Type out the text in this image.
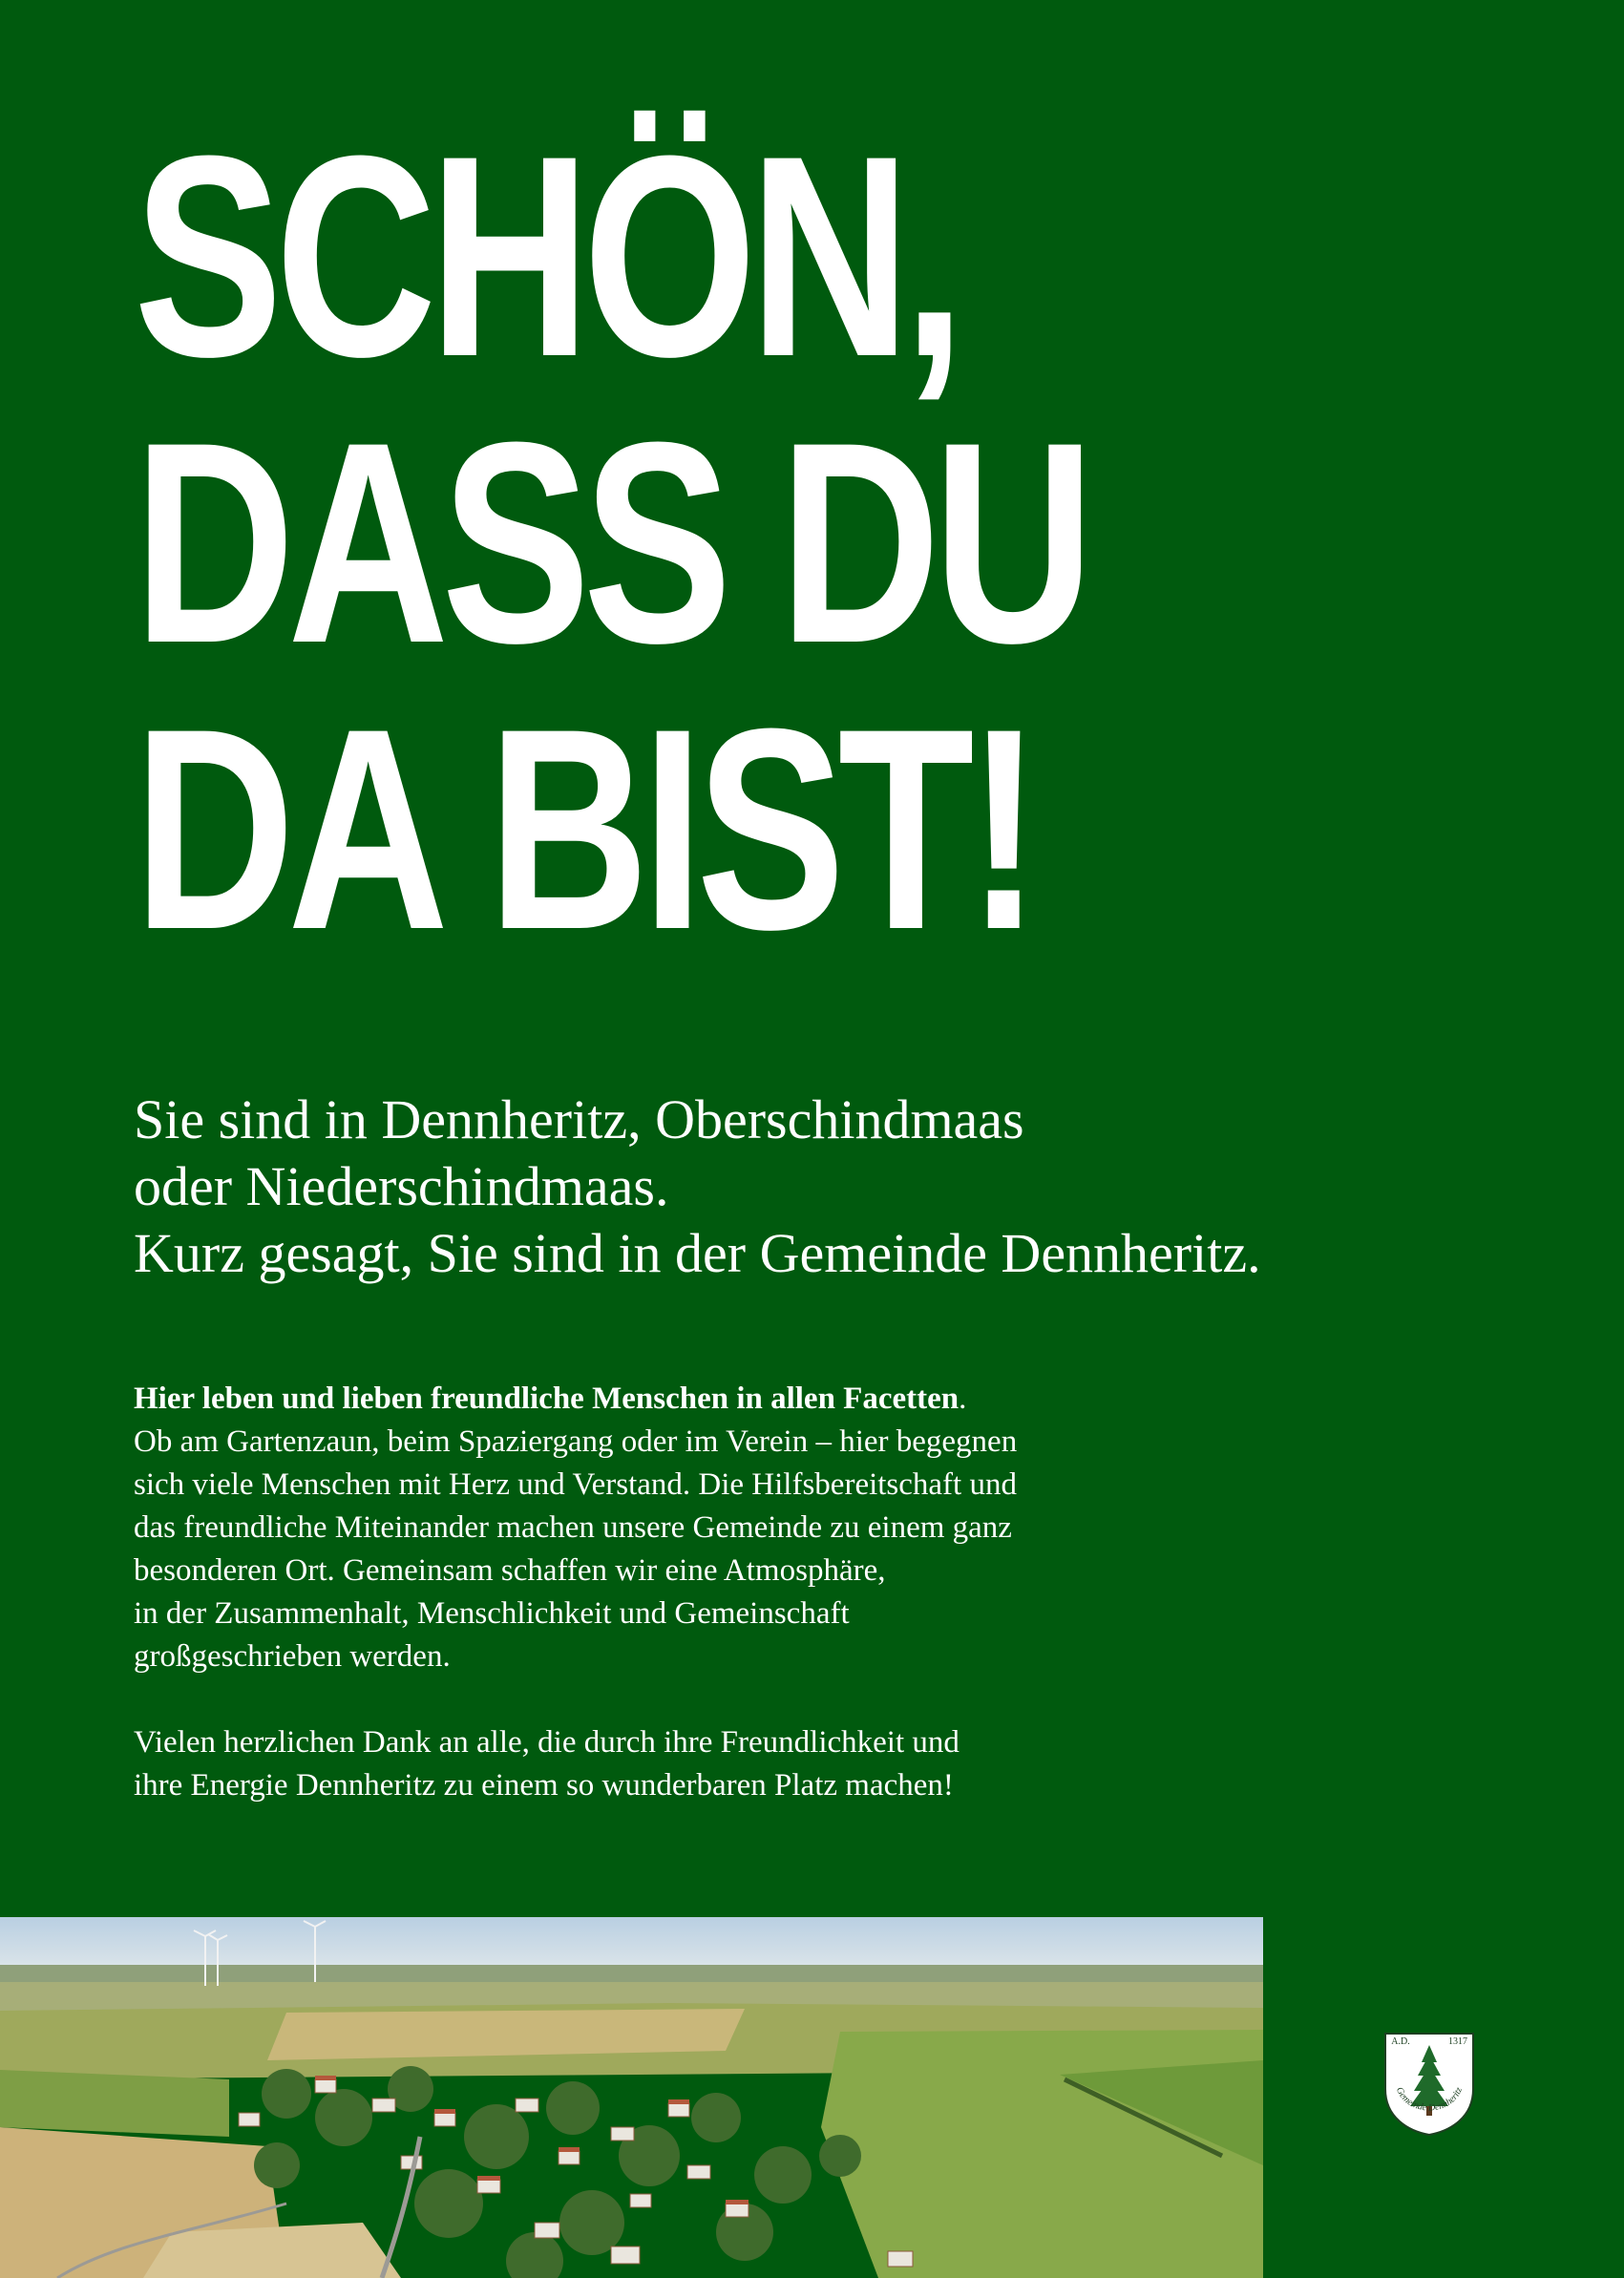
SCHÖN,
DASS DU
DA BIST!
Sie sind in Dennheritz, Oberschindmaas
oder Niederschindmaas.
Kurz gesagt, Sie sind in der Gemeinde Dennheritz.
Hier leben und lieben freundliche Menschen in allen Facetten.
Ob am Gartenzaun, beim Spaziergang oder im Verein – hier begegnen
sich viele Menschen mit Herz und Verstand. Die Hilfsbereitschaft und
das freundliche Miteinander machen unsere Gemeinde zu einem ganz
besonderen Ort. Gemeinsam schaffen wir eine Atmosphäre,
in der Zusammenhalt, Menschlichkeit und Gemeinschaft
großgeschrieben werden.
Vielen herzlichen Dank an alle, die durch ihre Freundlichkeit und
ihre Energie Dennheritz zu einem so wunderbaren Platz machen!
A.D.	1317
Gemeinde Dennheritz
